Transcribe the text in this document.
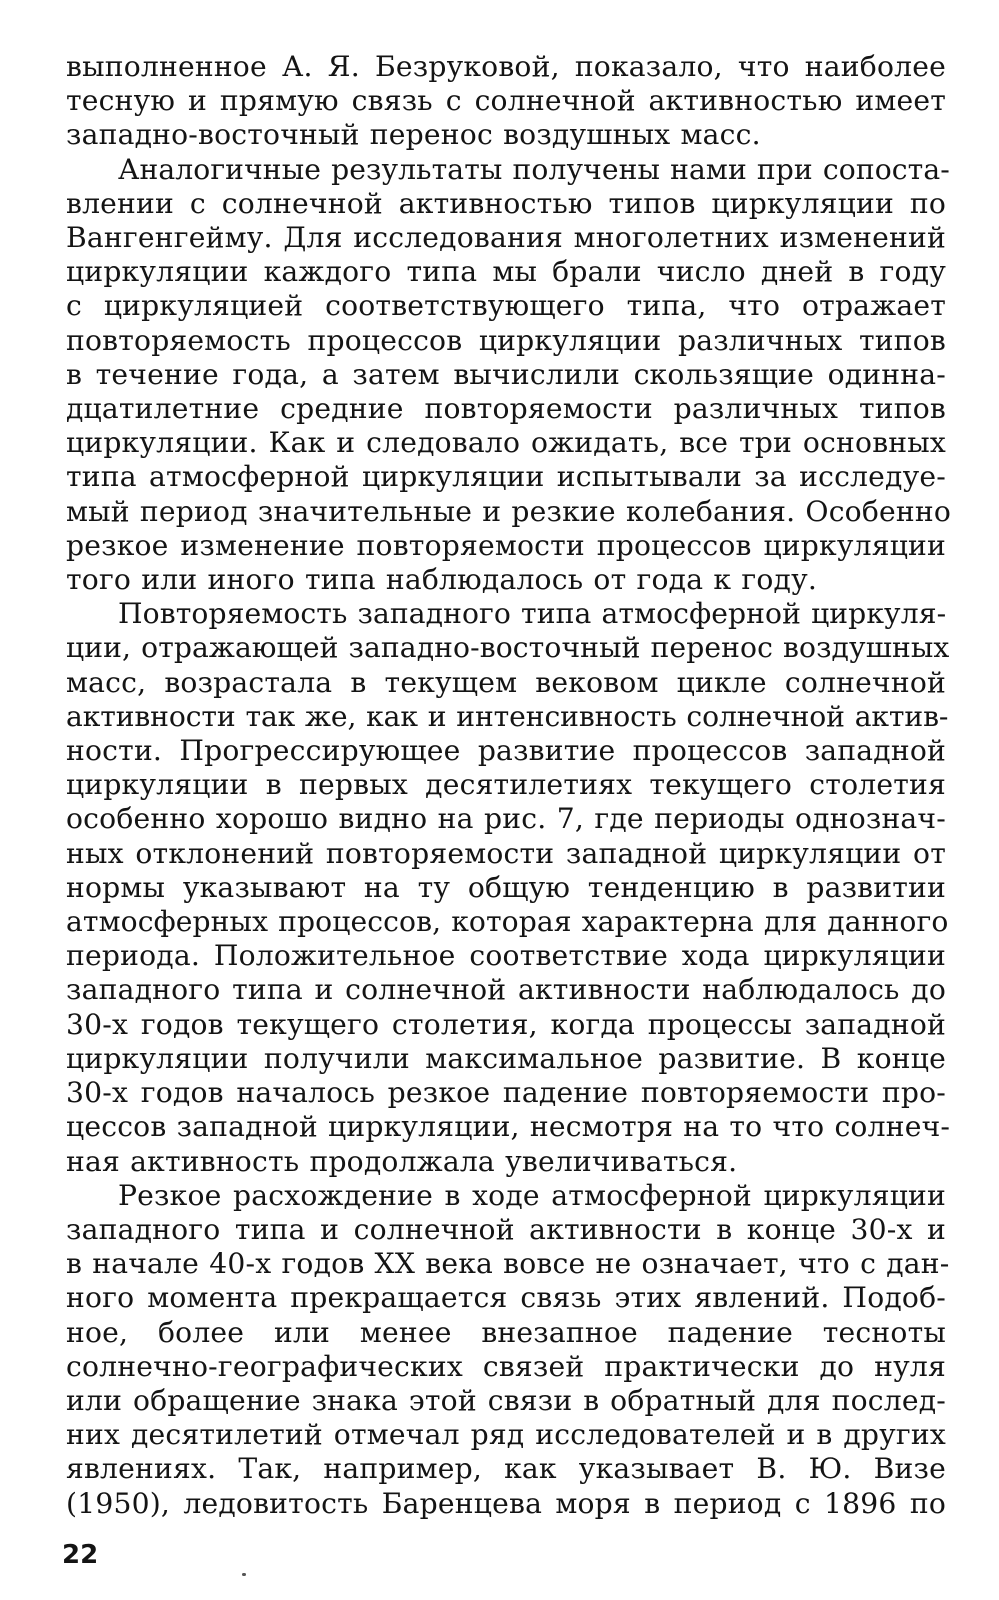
выполненное А. Я. Безруковой, показало, что наиболее
тесную и прямую связь с солнечной активностью имеет
западно-восточный перенос воздушных масс.
Аналогичные результаты получены нами при сопоста-
влении с солнечной активностью типов циркуляции по
Вангенгейму. Для исследования многолетних изменений
циркуляции каждого типа мы брали число дней в году
с циркуляцией соответствующего типа, что отражает
повторяемость процессов циркуляции различных типов
в течение года, а затем вычислили скользящие одинна-
дцатилетние средние повторяемости различных типов
циркуляции. Как и следовало ожидать, все три основных
типа атмосферной циркуляции испытывали за исследуе-
мый период значительные и резкие колебания. Особенно
резкое изменение повторяемости процессов циркуляции
того или иного типа наблюдалось от года к году.
Повторяемость западного типа атмосферной циркуля-
ции, отражающей западно-восточный перенос воздушных
масс, возрастала в текущем вековом цикле солнечной
активности так же, как и интенсивность солнечной актив-
ности. Прогрессирующее развитие процессов западной
циркуляции в первых десятилетиях текущего столетия
особенно хорошо видно на рис. 7, где периоды однознач-
ных отклонений повторяемости западной циркуляции от
нормы указывают на ту общую тенденцию в развитии
атмосферных процессов, которая характерна для данного
периода. Положительное соответствие хода циркуляции
западного типа и солнечной активности наблюдалось до
30-х годов текущего столетия, когда процессы западной
циркуляции получили максимальное развитие. В конце
30-х годов началось резкое падение повторяемости про-
цессов западной циркуляции, несмотря на то что солнеч-
ная активность продолжала увеличиваться.
Резкое расхождение в ходе атмосферной циркуляции
западного типа и солнечной активности в конце 30-х и
в начале 40-х годов XX века вовсе не означает, что с дан-
ного момента прекращается связь этих явлений. Подоб-
ное, более или менее внезапное падение тесноты
солнечно-географических связей практически до нуля
или обращение знака этой связи в обратный для послед-
них десятилетий отмечал ряд исследователей и в других
явлениях. Так, например, как указывает В. Ю. Визе
(1950), ледовитость Баренцева моря в период с 1896 по
22
